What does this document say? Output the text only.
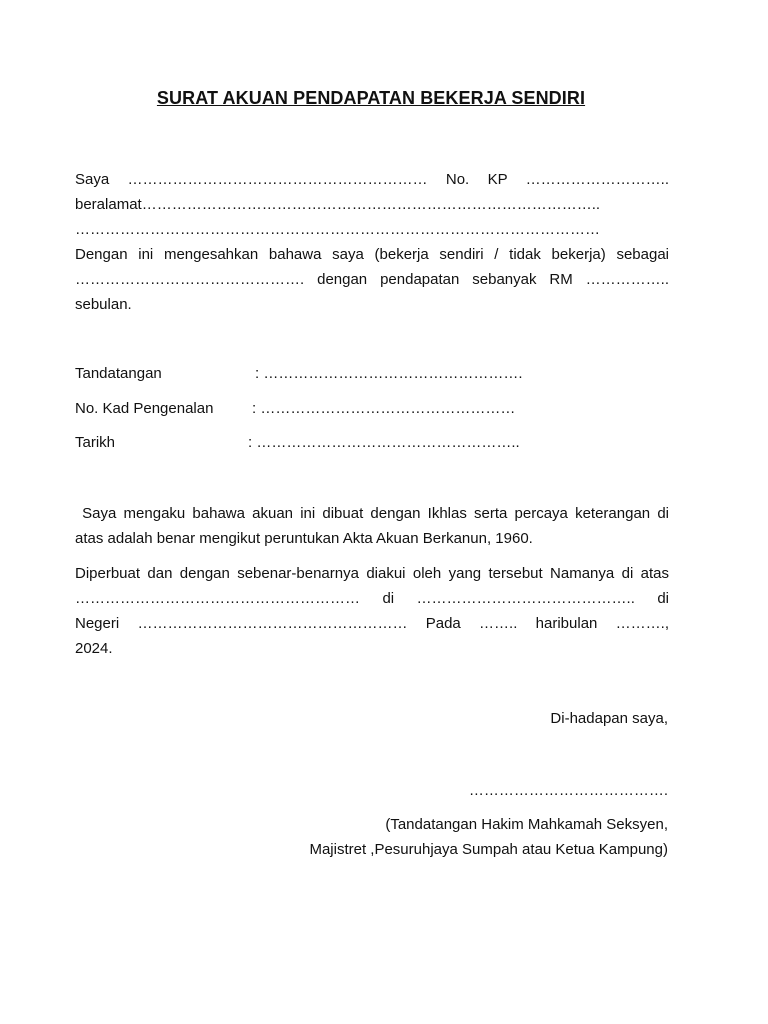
SURAT AKUAN PENDAPATAN BEKERJA SENDIRI

Saya …………………………………………………… No. KP ………………………..

beralamat………………………………………………………………………………..

……………………………………………………………………………………………

Dengan ini mengesahkan bahawa saya (bekerja sendiri / tidak bekerja) sebagai

………………………………………. dengan pendapatan sebanyak RM ……………..

sebulan.

Tandatangan	: …………………………………………….
No. Kad Pengenalan	: ……………………………………………
Tarikh	: ……………………………………………..

Saya mengaku bahawa akuan ini dibuat dengan Ikhlas serta percaya keterangan di

atas adalah benar mengikut peruntukan Akta Akuan Berkanun, 1960.

Diperbuat dan dengan sebenar-benarnya diakui oleh yang tersebut Namanya di atas

………………………………………………… di …………………………………….. di

Negeri ……………………………………………… Pada …….. haribulan ……….,

2024.

Di-hadapan saya,
………………………………….
(Tandatangan Hakim Mahkamah Seksyen,
Majistret ,Pesuruhjaya Sumpah atau Ketua Kampung)
